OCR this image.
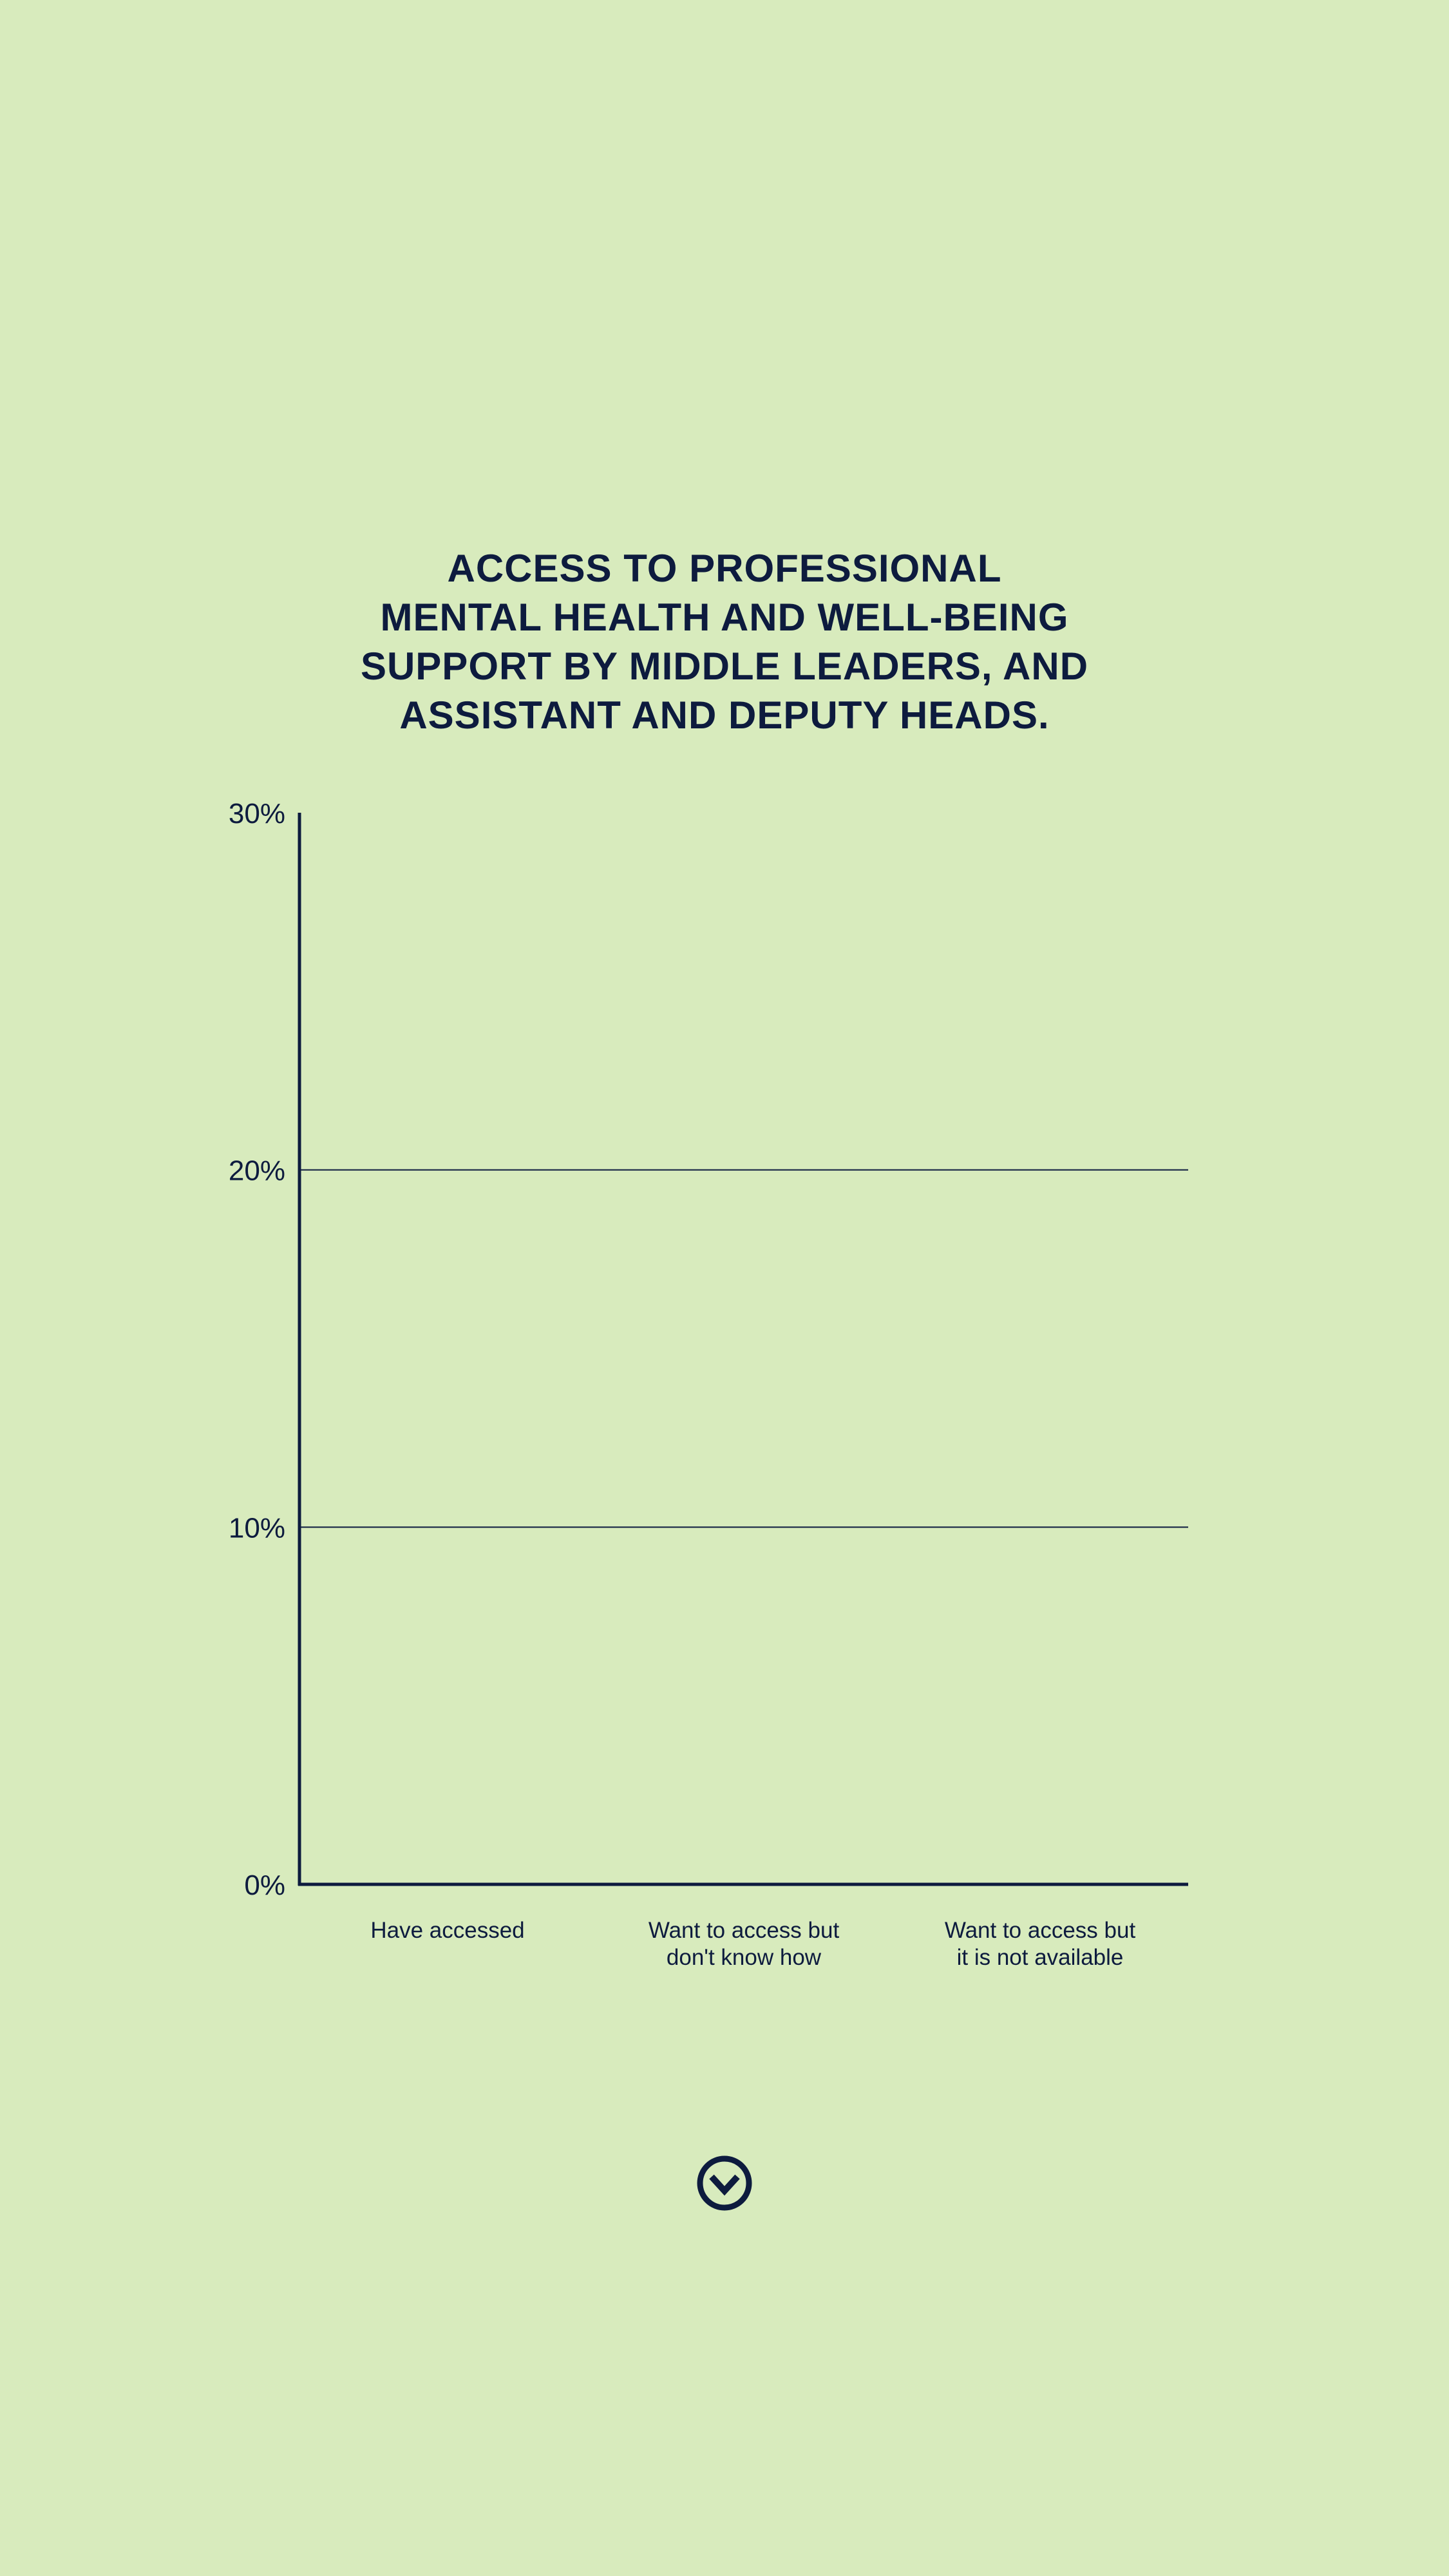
ACCESS TO PROFESSIONAL
MENTAL HEALTH AND WELL-BEING
SUPPORT BY MIDDLE LEADERS, AND
ASSISTANT AND DEPUTY HEADS.
0%
10%
20%
30%
Have accessed	Want to access but don't know how
Want to access but it is not available
